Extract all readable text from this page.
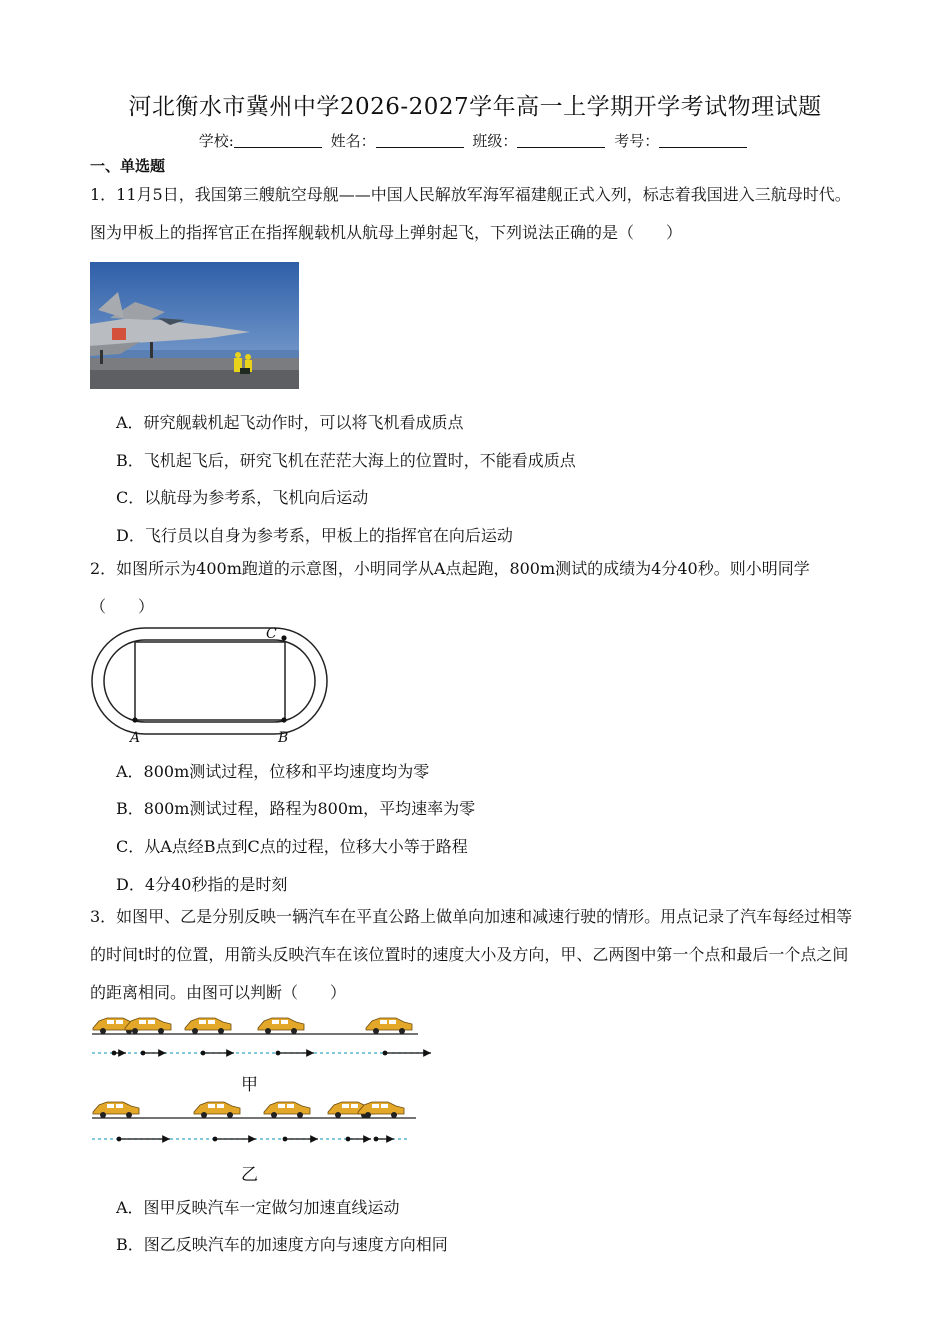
河北衡水市冀州中学2026-2027学年高一上学期开学考试物理试题
学校:	姓名：	班级：	考号：
一、单选题
1．11月5日，我国第三艘航空母舰——中国人民解放军海军福建舰正式入列，标志着我国进入三航母时代。图为甲板上的指挥官正在指挥舰载机从航母上弹射起飞，下列说法正确的是（　　）
A．研究舰载机起飞动作时，可以将飞机看成质点
B．飞机起飞后，研究飞机在茫茫大海上的位置时，不能看成质点
C．以航母为参考系，飞机向后运动
D．飞行员以自身为参考系，甲板上的指挥官在向后运动
2．如图所示为400m跑道的示意图，小明同学从A点起跑，800m测试的成绩为4分40秒。则小明同学（　　）
A	B
C
A．800m测试过程，位移和平均速度均为零
B．800m测试过程，路程为800m，平均速率为零
C．从A点经B点到C点的过程，位移大小等于路程
D．4分40秒指的是时刻
3．如图甲、乙是分别反映一辆汽车在平直公路上做单向加速和减速行驶的情形。用点记录了汽车每经过相等的时间t时的位置，用箭头反映汽车在该位置时的速度大小及方向，甲、乙两图中第一个点和最后一个点之间的距离相同。由图可以判断（　　）
甲
乙
A．图甲反映汽车一定做匀加速直线运动
B．图乙反映汽车的加速度方向与速度方向相同
